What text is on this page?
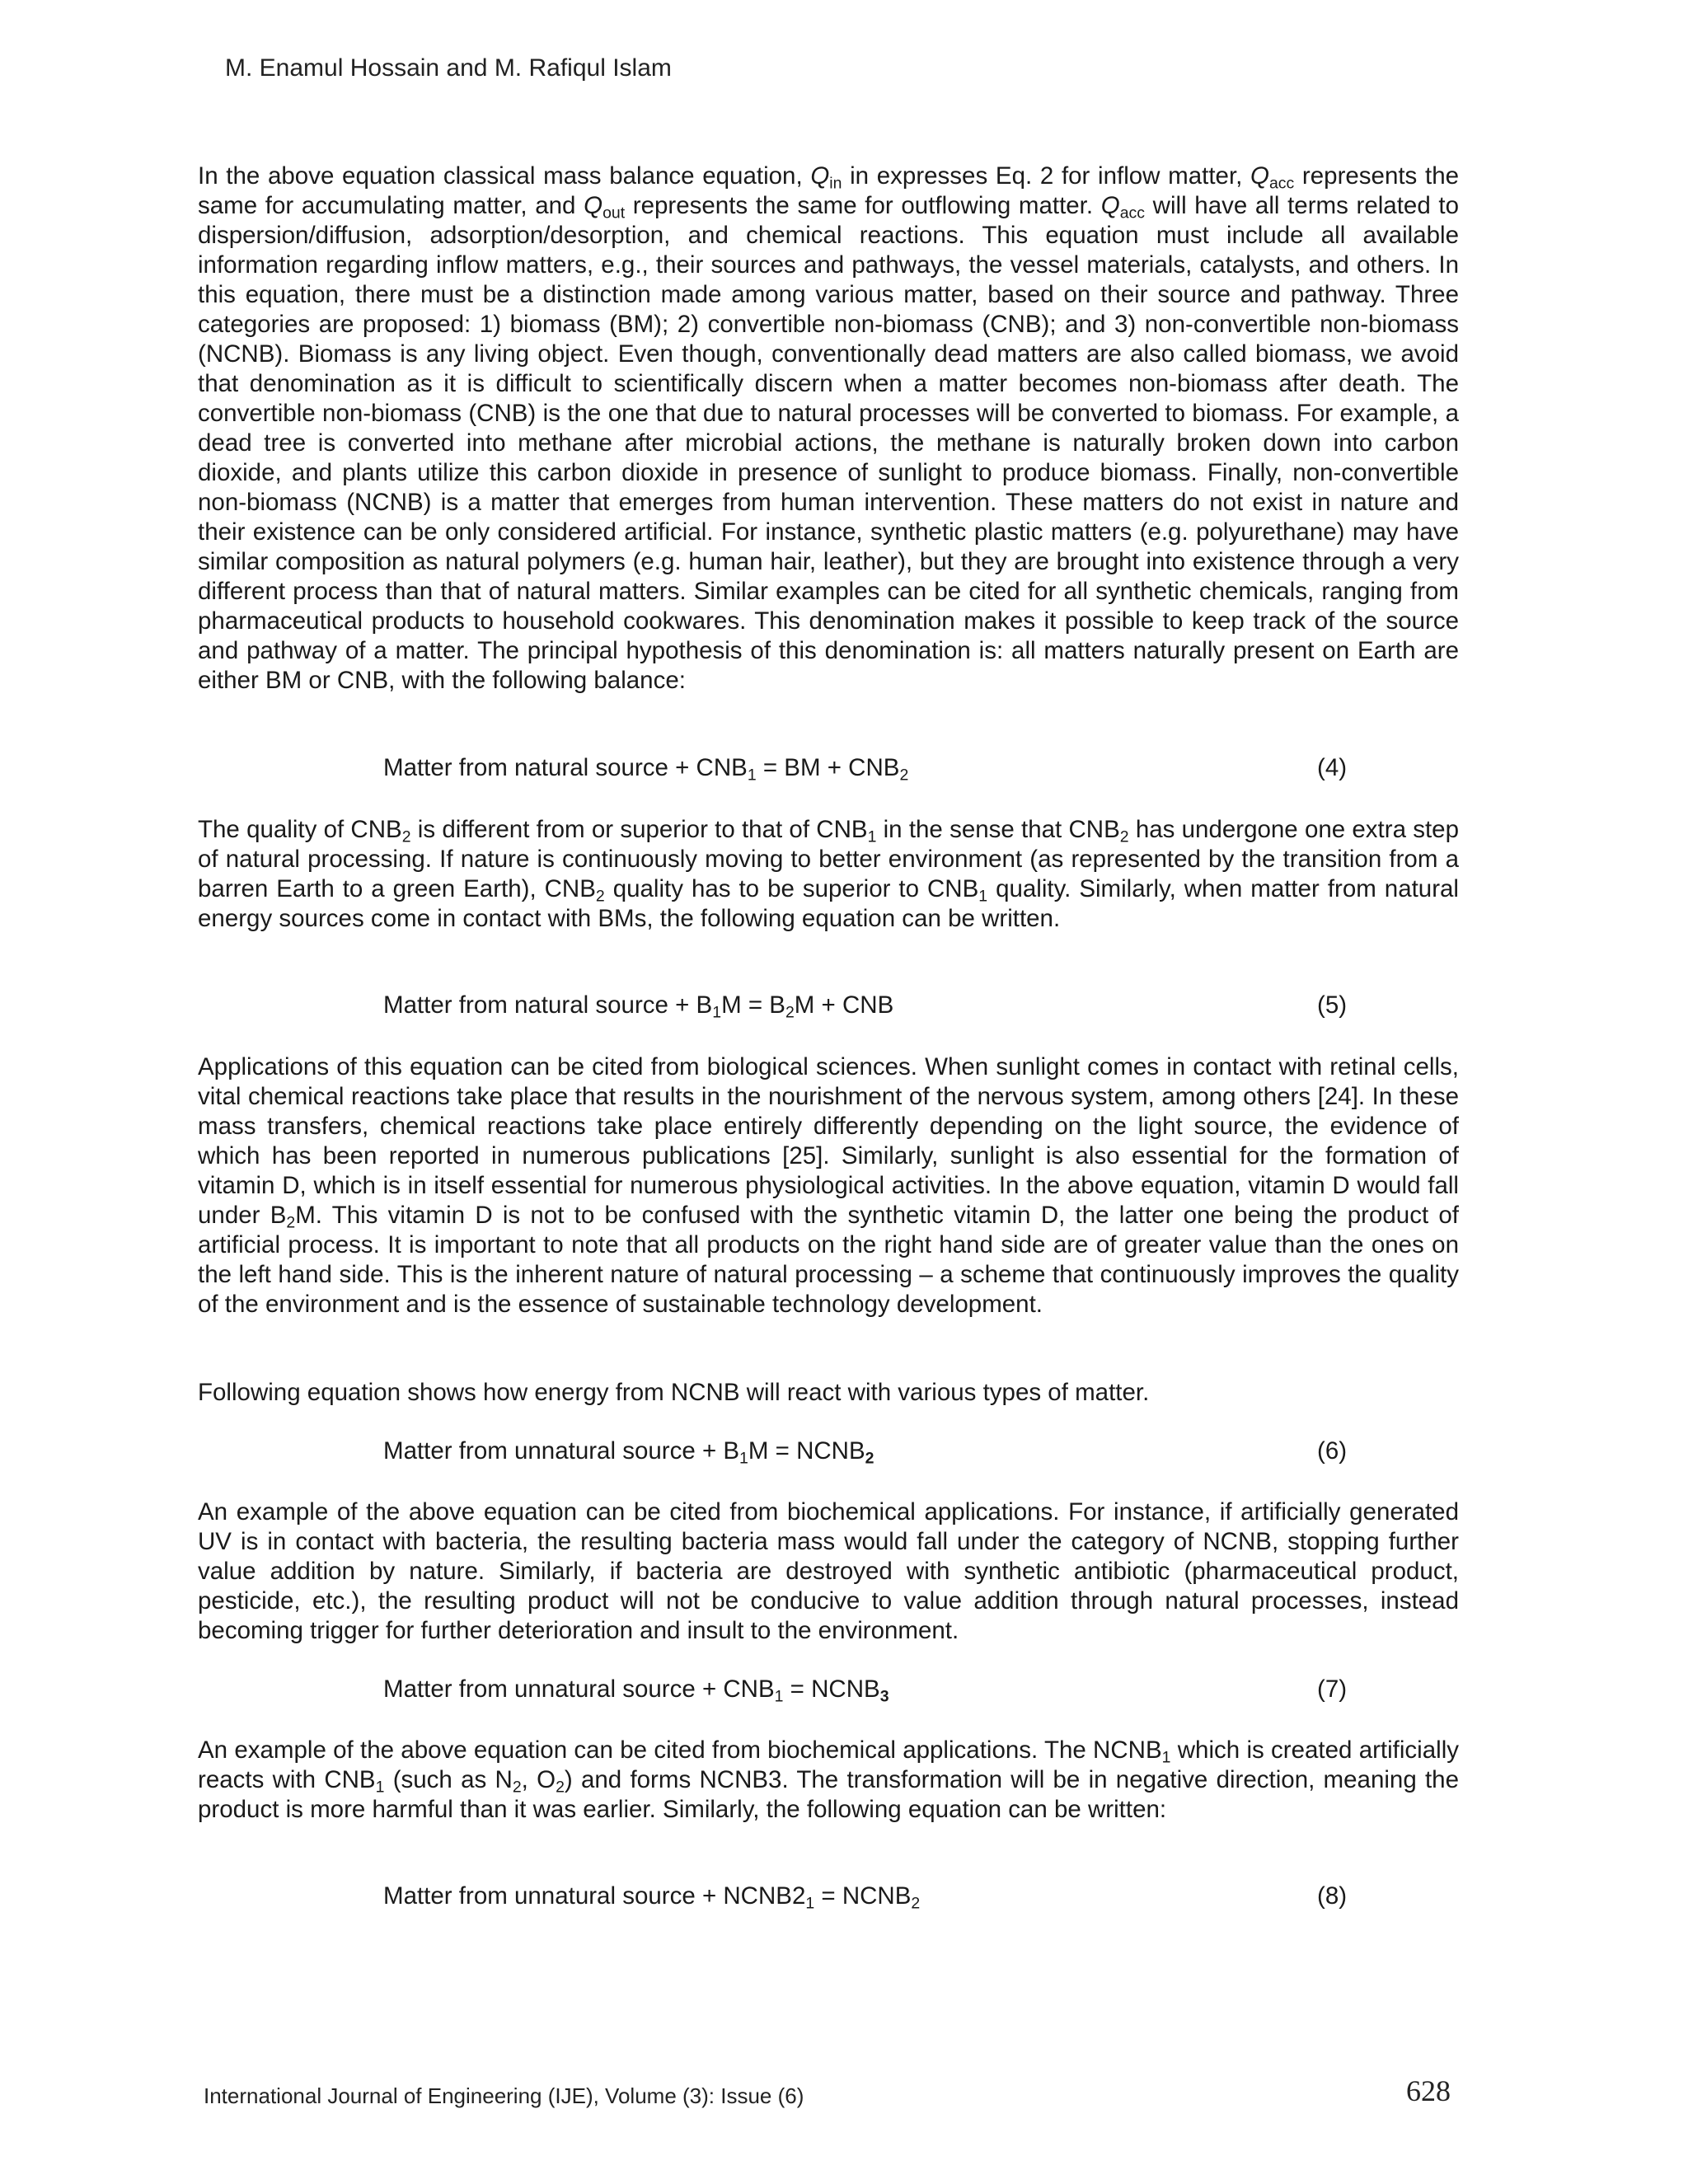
M. Enamul Hossain and M. Rafiqul Islam

In the above equation classical mass balance equation, $Q_{in}$ in expresses Eq. 2 for inflow matter, $Q_{acc}$ represents the same for accumulating matter, and $Q_{out}$ represents the same for outflowing matter. $Q_{acc}$ will have all terms related to dispersion/diffusion, adsorption/desorption, and chemical reactions. This equation must include all available information regarding inflow matters, e.g., their sources and pathways, the vessel materials, catalysts, and others. In this equation, there must be a distinction made among various matter, based on their source and pathway. Three categories are proposed: 1) biomass (BM); 2) convertible non-biomass (CNB); and 3) non-convertible non-biomass (NCNB). Biomass is any living object. Even though, conventionally dead matters are also called biomass, we avoid that denomination as it is difficult to scientifically discern when a matter becomes non-biomass after death. The convertible non-biomass (CNB) is the one that due to natural processes will be converted to biomass. For example, a dead tree is converted into methane after microbial actions, the methane is naturally broken down into carbon dioxide, and plants utilize this carbon dioxide in presence of sunlight to produce biomass. Finally, non-convertible non-biomass (NCNB) is a matter that emerges from human intervention. These matters do not exist in nature and their existence can be only considered artificial. For instance, synthetic plastic matters (e.g. polyurethane) may have similar composition as natural polymers (e.g. human hair, leather), but they are brought into existence through a very different process than that of natural matters. Similar examples can be cited for all synthetic chemicals, ranging from pharmaceutical products to household cookwares. This denomination makes it possible to keep track of the source and pathway of a matter. The principal hypothesis of this denomination is: all matters naturally present on Earth are either BM or CNB, with the following balance:

Matter from natural source + $CNB_1$ = BM + $CNB_2$	(4)

The quality of $CNB_2$ is different from or superior to that of $CNB_1$ in the sense that $CNB_2$ has undergone one extra step of natural processing. If nature is continuously moving to better environment (as represented by the transition from a barren Earth to a green Earth), $CNB_2$ quality has to be superior to $CNB_1$ quality. Similarly, when matter from natural energy sources come in contact with BMs, the following equation can be written.

Matter from natural source + $B_1M = B_2M$ + CNB	(5)

Applications of this equation can be cited from biological sciences. When sunlight comes in contact with retinal cells, vital chemical reactions take place that results in the nourishment of the nervous system, among others [24]. In these mass transfers, chemical reactions take place entirely differently depending on the light source, the evidence of which has been reported in numerous publications [25]. Similarly, sunlight is also essential for the formation of vitamin D, which is in itself essential for numerous physiological activities. In the above equation, vitamin D would fall under $B_2M$. This vitamin D is not to be confused with the synthetic vitamin D, the latter one being the product of artificial process. It is important to note that all products on the right hand side are of greater value than the ones on the left hand side. This is the inherent nature of natural processing – a scheme that continuously improves the quality of the environment and is the essence of sustainable technology development.

Following equation shows how energy from NCNB will react with various types of matter.

Matter from unnatural source + $B_1M$ = $NCNB_2$	(6)

An example of the above equation can be cited from biochemical applications. For instance, if artificially generated UV is in contact with bacteria, the resulting bacteria mass would fall under the category of NCNB, stopping further value addition by nature. Similarly, if bacteria are destroyed with synthetic antibiotic (pharmaceutical product, pesticide, etc.), the resulting product will not be conducive to value addition through natural processes, instead becoming trigger for further deterioration and insult to the environment.

Matter from unnatural source + $CNB_1$ = $NCNB_3$	(7)

An example of the above equation can be cited from biochemical applications. The $NCNB_1$ which is created artificially reacts with $CNB_1$ (such as $N_2$, $O_2$) and forms NCNB3. The transformation will be in negative direction, meaning the product is more harmful than it was earlier. Similarly, the following equation can be written:

Matter from unnatural source + $NCNB2_1$ = $NCNB_2$	(8)
International Journal of Engineering (IJE), Volume (3): Issue (6)	628
